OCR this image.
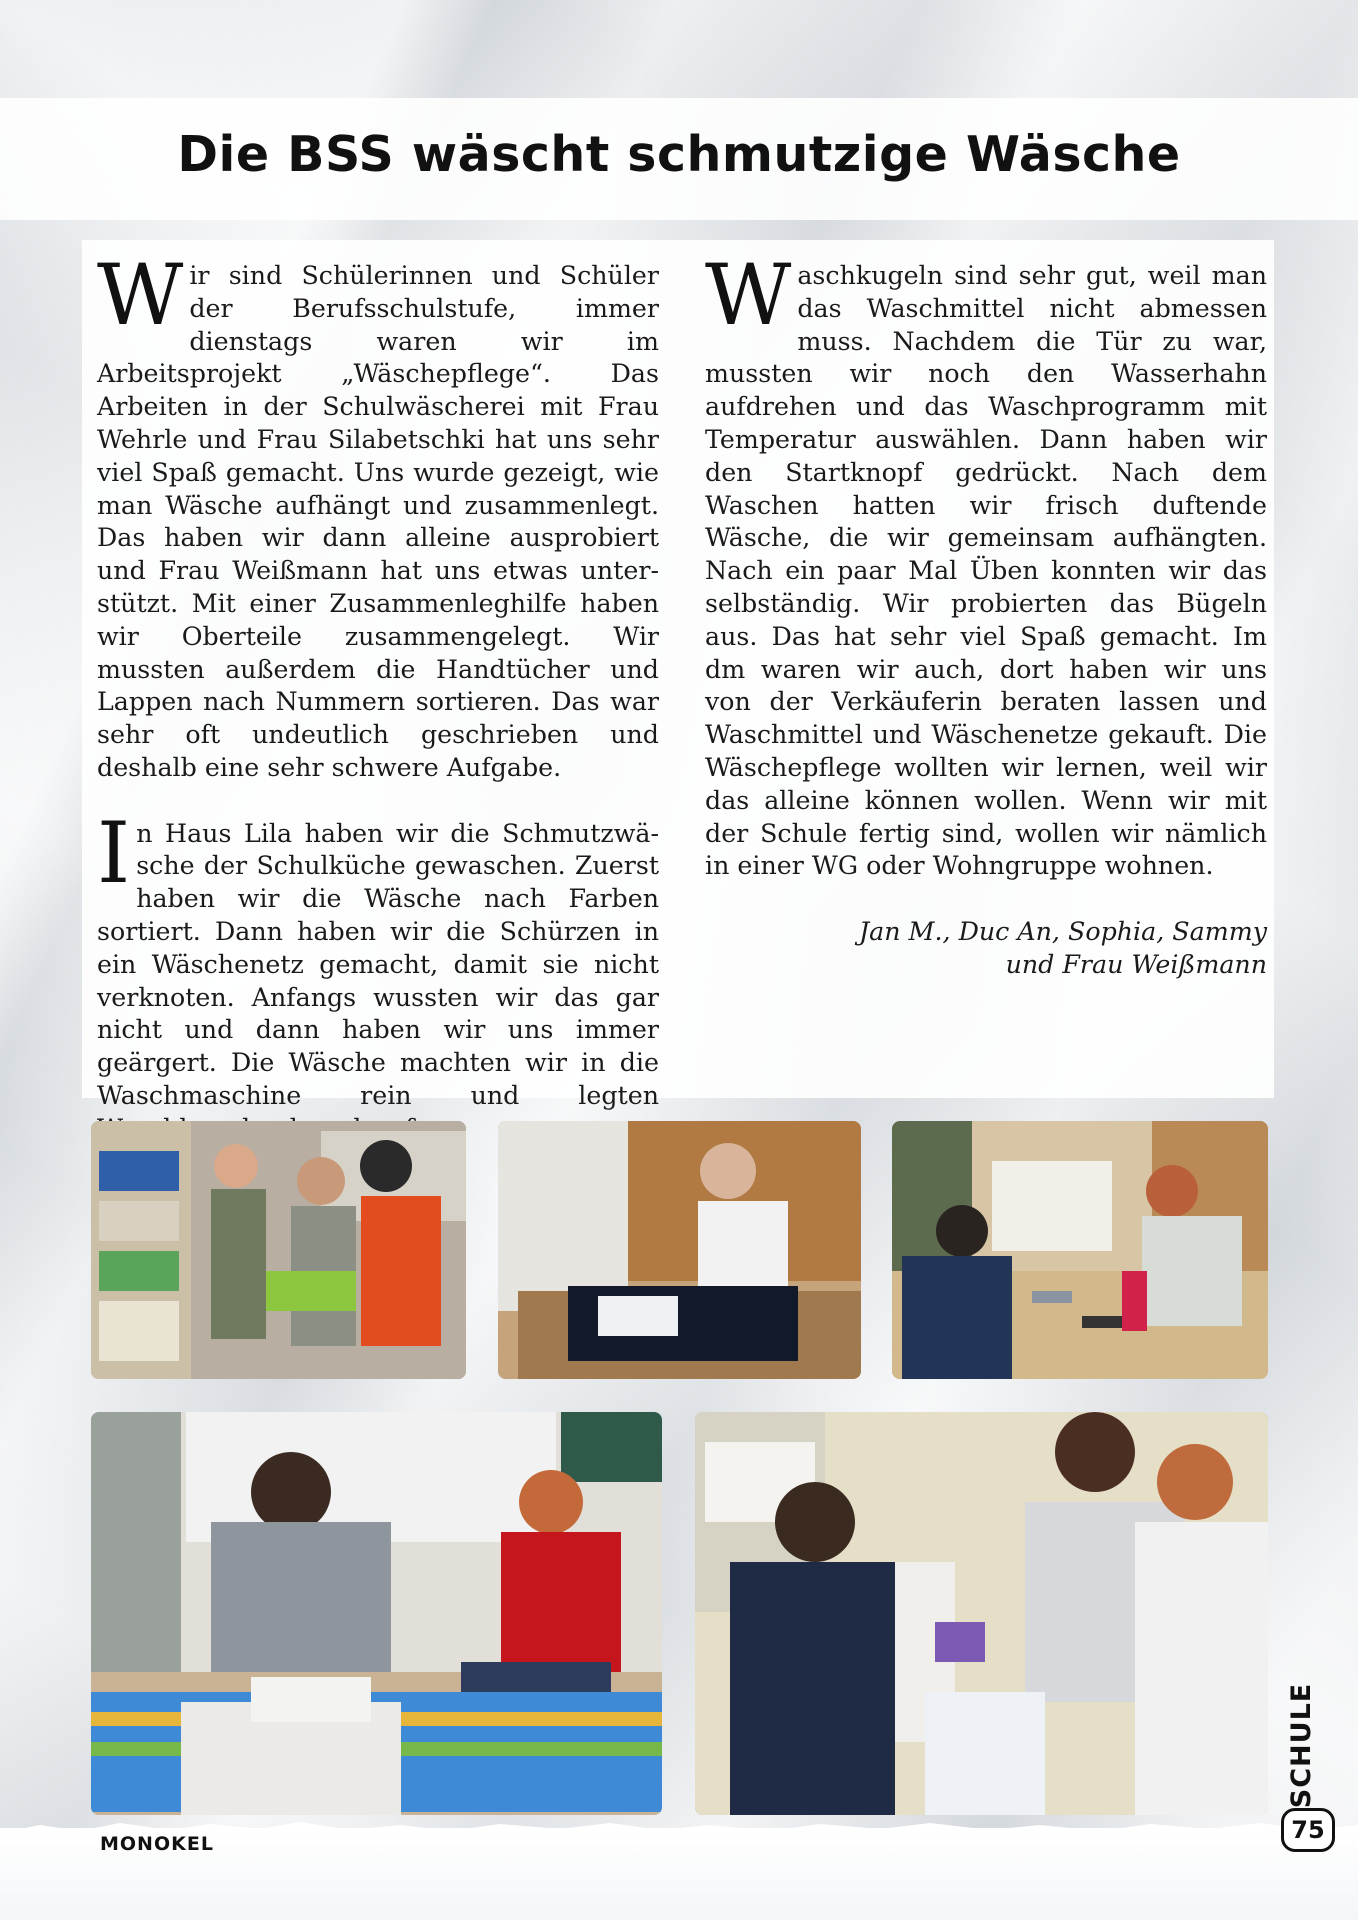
Die BSS wäscht schmutzige Wäsche

Wir sind Schülerinnen und Schüler der Berufsschulstufe, immer dienstags waren wir im Arbeitsprojekt „Wäschepflege“. Das Arbeiten in der Schulwäscherei mit Frau Wehrle und Frau Silabetschki hat uns sehr viel Spaß gemacht. Uns wurde gezeigt, wie man Wäsche aufhängt und zusammenlegt. Das haben wir dann alleine ausprobiert und Frau Weißmann hat uns etwas unterstützt. Mit einer Zusammenleghilfe haben wir Oberteile zusammengelegt. Wir mussten außerdem die Handtücher und Lappen nach Nummern sortieren. Das war sehr oft undeutlich geschrieben und deshalb eine sehr schwere Aufgabe.

In Haus Lila haben wir die Schmutzwäsche der Schulküche gewaschen. Zuerst haben wir die Wäsche nach Farben sortiert. Dann haben wir die Schürzen in ein Wäschenetz gemacht, damit sie nicht verknoten. Anfangs wussten wir das gar nicht und dann haben wir uns immer geärgert. Die Wäsche machten wir in die Waschmaschine rein und legten

Waschkugeln sind sehr gut, weil man das Waschmittel nicht abmessen muss. Nachdem die Tür zu war, mussten wir noch den Wasserhahn aufdrehen und das Waschprogramm mit Temperatur auswählen. Dann haben wir den Startknopf gedrückt. Nach dem Waschen hatten wir frisch duftende Wäsche, die wir gemeinsam aufhängten. Nach ein paar Mal Üben konnten wir das selbständig. Wir probierten das Bügeln aus. Das hat sehr viel Spaß gemacht. Im dm waren wir auch, dort haben wir uns von der Verkäuferin beraten lassen und Waschmittel und Wäschenetze gekauft. Die Wäschepflege wollten wir lernen, weil wir das alleine können wollen. Wenn wir mit der Schule fertig sind, wollen wir nämlich in einer WG oder Wohngruppe wohnen.

Jan M., Duc An, Sophia, Sammy
und Frau Weißmann
MONOKEL
SCHULE
75
